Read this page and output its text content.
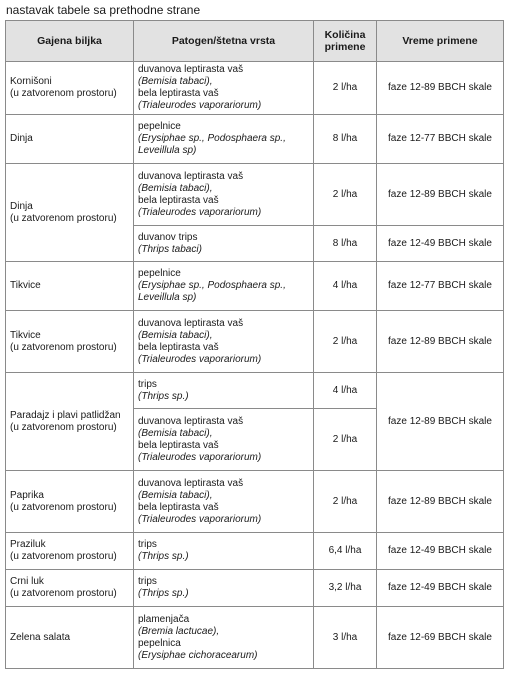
nastavak tabele sa prethodne strane
Gajena biljka	Patogen/štetna vrsta	Količina
primene	Vreme primene

Kornišoni
(u zatvorenom prostoru)	duvanova leptirasta vaš
(Bemisia tabaci),
bela leptirasta vaš
(Trialeurodes vaporariorum)	2 l/ha	faze 12-89 BBCH skale

Dinja	pepelnice
(Erysiphae sp., Podosphaera sp.,
Leveillula sp)	8 l/ha	faze 12-77 BBCH skale

Dinja
(u zatvorenom prostoru)	duvanova leptirasta vaš
(Bemisia tabaci),
bela leptirasta vaš
(Trialeurodes vaporariorum)	2 l/ha	faze 12-89 BBCH skale

	duvanov trips
(Thrips tabaci)	8 l/ha	faze 12-49 BBCH skale

Tikvice	pepelnice
(Erysiphae sp., Podosphaera sp.,
Leveillula sp)	4 l/ha	faze 12-77 BBCH skale

Tikvice
(u zatvorenom prostoru)	duvanova leptirasta vaš
(Bemisia tabaci),
bela leptirasta vaš
(Trialeurodes vaporariorum)	2 l/ha	faze 12-89 BBCH skale

Paradajz i plavi patlidžan
(u zatvorenom prostoru)	trips
(Thrips sp.)	4 l/ha	faze 12-89 BBCH skale

	duvanova leptirasta vaš
(Bemisia tabaci),
bela leptirasta vaš
(Trialeurodes vaporariorum)	2 l/ha	

Paprika
(u zatvorenom prostoru)	duvanova leptirasta vaš
(Bemisia tabaci),
bela leptirasta vaš
(Trialeurodes vaporariorum)	2 l/ha	faze 12-89 BBCH skale

Praziluk
(u zatvorenom prostoru)	trips
(Thrips sp.)	6,4 l/ha	faze 12-49 BBCH skale

Crni luk
(u zatvorenom prostoru)	trips
(Thrips sp.)	3,2 l/ha	faze 12-49 BBCH skale

Zelena salata	plamenjača
(Bremia lactucae),
pepelnica
(Erysiphae cichoracearum)	3 l/ha	faze 12-69 BBCH skale
